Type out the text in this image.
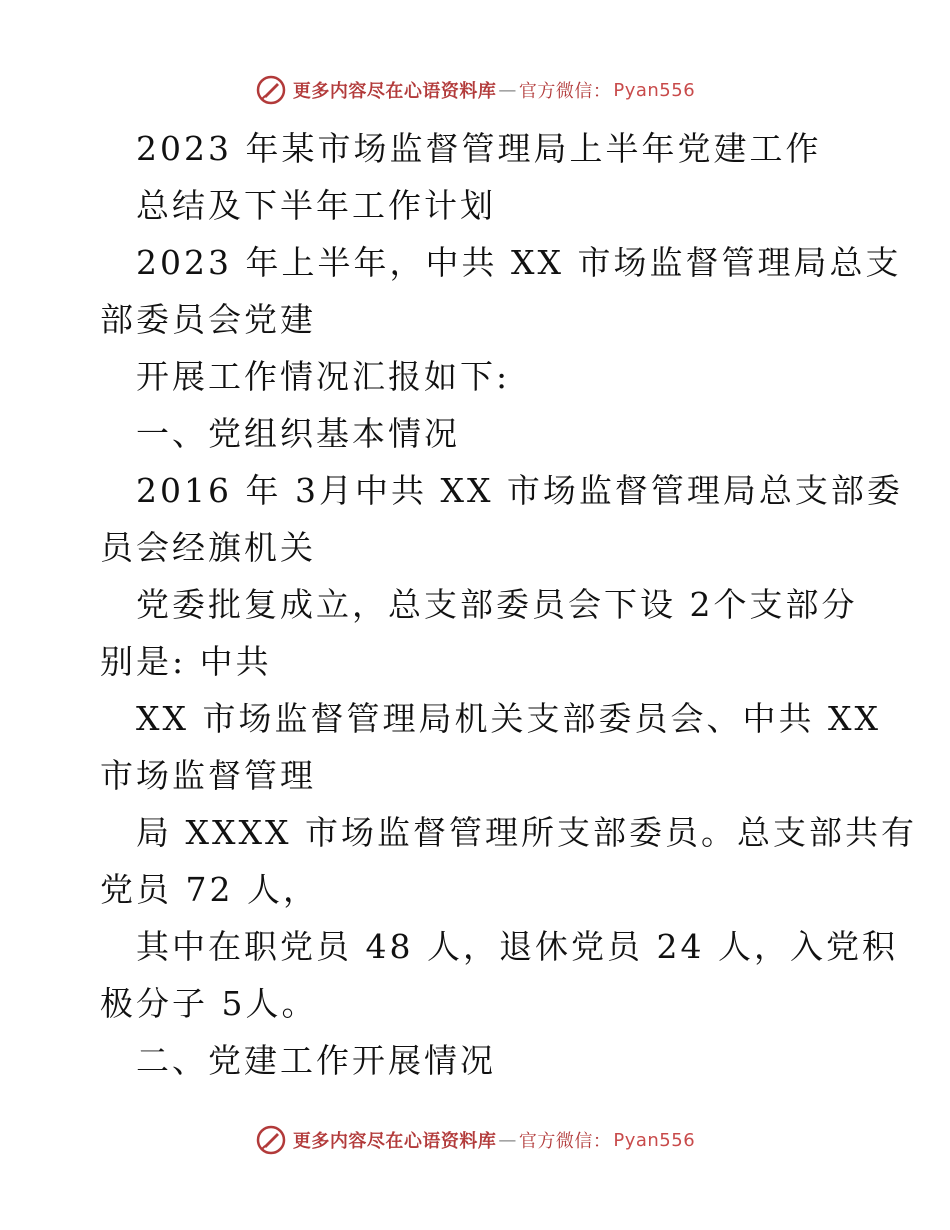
更多内容尽在心语资料库 — 官方微信： Pyan556
2023 年某市场监督管理局上半年党建工作
总结及下半年工作计划
2023 年上半年，中共 XX 市场监督管理局总支
部委员会党建
开展工作情况汇报如下:
一、党组织基本情况
2016 年 3月中共 XX 市场监督管理局总支部委
员会经旗机关
党委批复成立，总支部委员会下设 2个支部分
别是: 中共
XX 市场监督管理局机关支部委员会、中共 XX
市场监督管理
局 XXXX 市场监督管理所支部委员。总支部共有
党员 72 人，
其中在职党员 48 人，退休党员 24 人，入党积
极分子 5人。
二、党建工作开展情况
更多内容尽在心语资料库 — 官方微信： Pyan556
